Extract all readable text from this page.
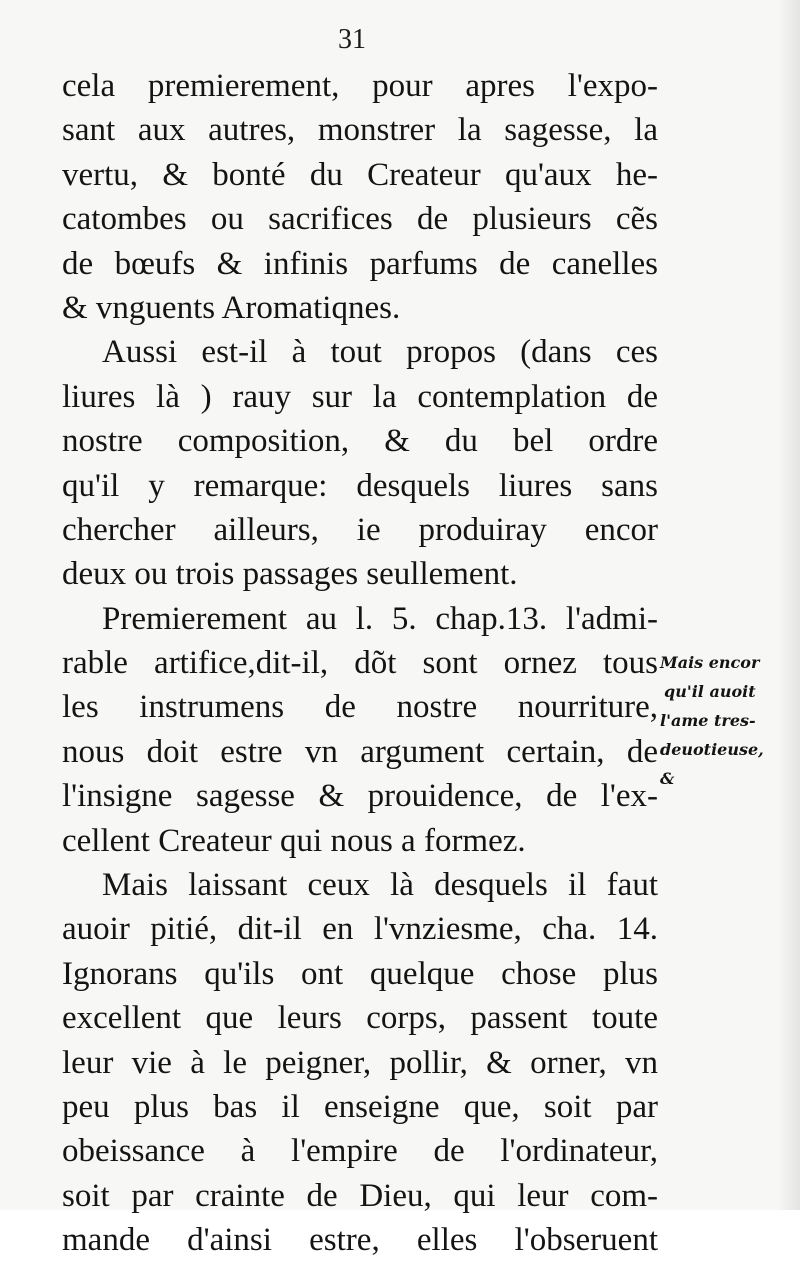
31
cela premierement, pour apres l'expo-
sant aux autres, monstrer la sagesse, la
vertu, & bonté du Createur qu'aux he-
catombes ou sacrifices de plusieurs cẽs
de bœufs & infinis parfums de canelles
& vnguents Aromatiqnes.
Aussi est-il à tout propos (dans ces
liures là ) rauy sur la contemplation de
nostre composition, & du bel ordre
qu'il y remarque: desquels liures sans
chercher ailleurs, ie produiray encor
deux ou trois passages seullement.
Premierement au l. 5. chap.13. l'admi-
rable artifice,dit-il, dõt sont ornez tous
les instrumens de nostre nourriture,
nous doit estre vn argument certain, de
l'insigne sagesse & prouidence, de l'ex-
cellent Createur qui nous a formez.
Mais laissant ceux là desquels il faut
auoir pitié, dit-il en l'vnziesme, cha. 14.
Ignorans qu'ils ont quelque chose plus
excellent que leurs corps, passent toute
leur vie à le peigner, pollir, & orner, vn
peu plus bas il enseigne que, soit par
obeissance à l'empire de l'ordinateur,
soit par crainte de Dieu, qui leur com-
mande d'ainsi estre, elles l'obseruent
Mais encor
qu'il auoit
l'ame tres-
deuotieuse,
&
